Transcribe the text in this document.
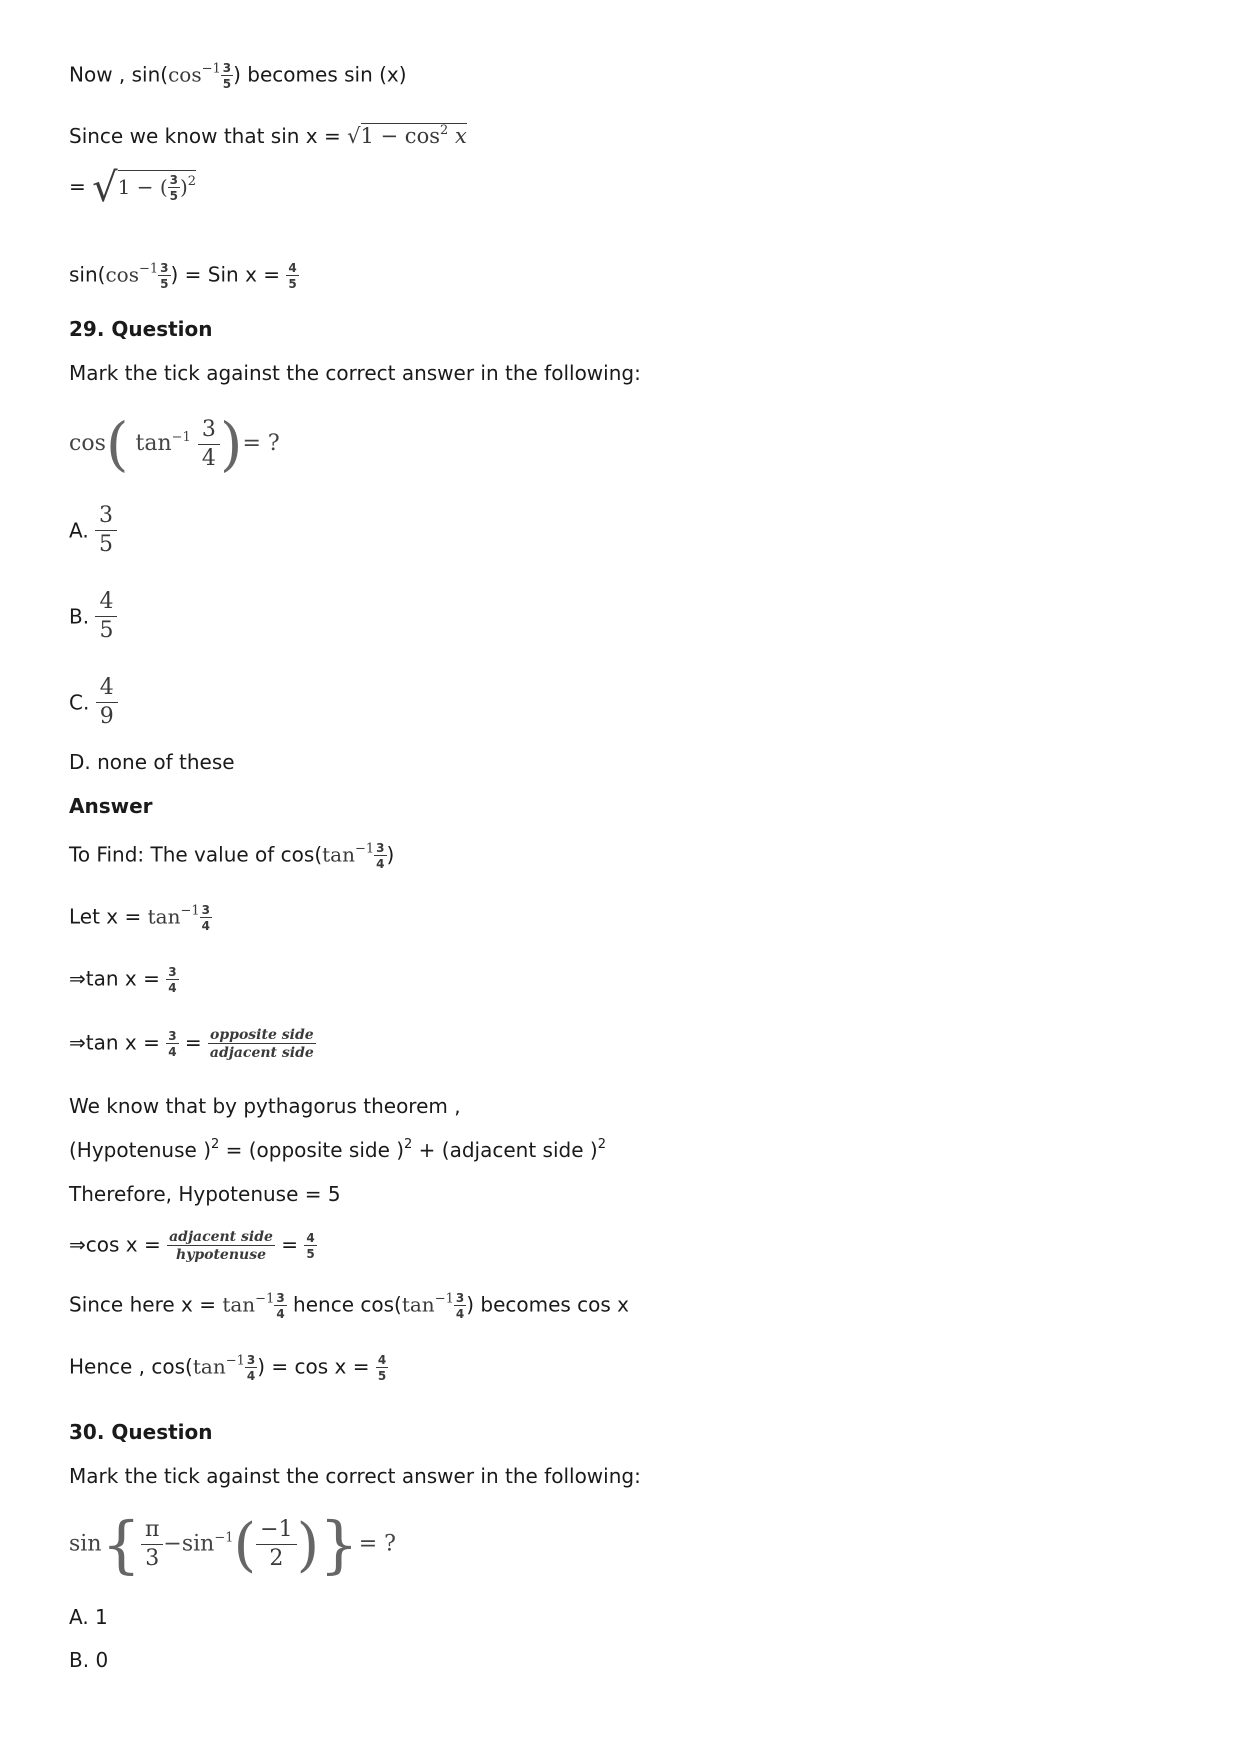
Now , $\sin(\cos^{-1} \frac{3}{5}$ ) becomes sin (x)
Since we know that $\sin x = √1 - \cos^2 x$
= √1 − ( $\frac{3}{5} )^2$
$\sin(\cos^{-1} \frac{3}{5}$ ) = Sin $x = \frac{4}{5}$
29. Question
Mark the tick against the correct answer in the following:
cos( $\tan^{-1} \frac{3}{4}$ )= ?
A. $\frac{3}{5}$
B. $\frac{4}{5}$
C. $\frac{4}{9}$
D. none of these
Answer
To Find: The value of $\cos(\tan^{-1} \frac{3}{4}$ )
Let $x = \tan^{-1} \frac{3}{4}$
⇒tan $x = \frac{3}{4}$
⇒tan $x = \frac{3}{4} = \frac{\text{opposite side}}{\text{adjacent side}}$
We know that by pythagorus theorem ,
(Hypotenuse )$^2$ = (opposite side )$^2$ + (adjacent side )$^2$
Therefore, Hypotenuse = 5
⇒cos $x = \frac{\text{adjacent side}}{\text{hypotenuse}} = \frac{4}{5}$
Since here $x = \tan^{-1} \frac{3}{4}$ hence $\cos(\tan^{-1} \frac{3}{4}$ ) becomes cos x
Hence , $\cos(\tan^{-1} \frac{3}{4}$ ) = $\cos x = \frac{4}{5}$
30. Question
Mark the tick against the correct answer in the following:
$\sin\{ \frac{\pi}{3} -\sin^{-1}( \frac{-1}{2}$ )}= ?
A. 1
B. 0
